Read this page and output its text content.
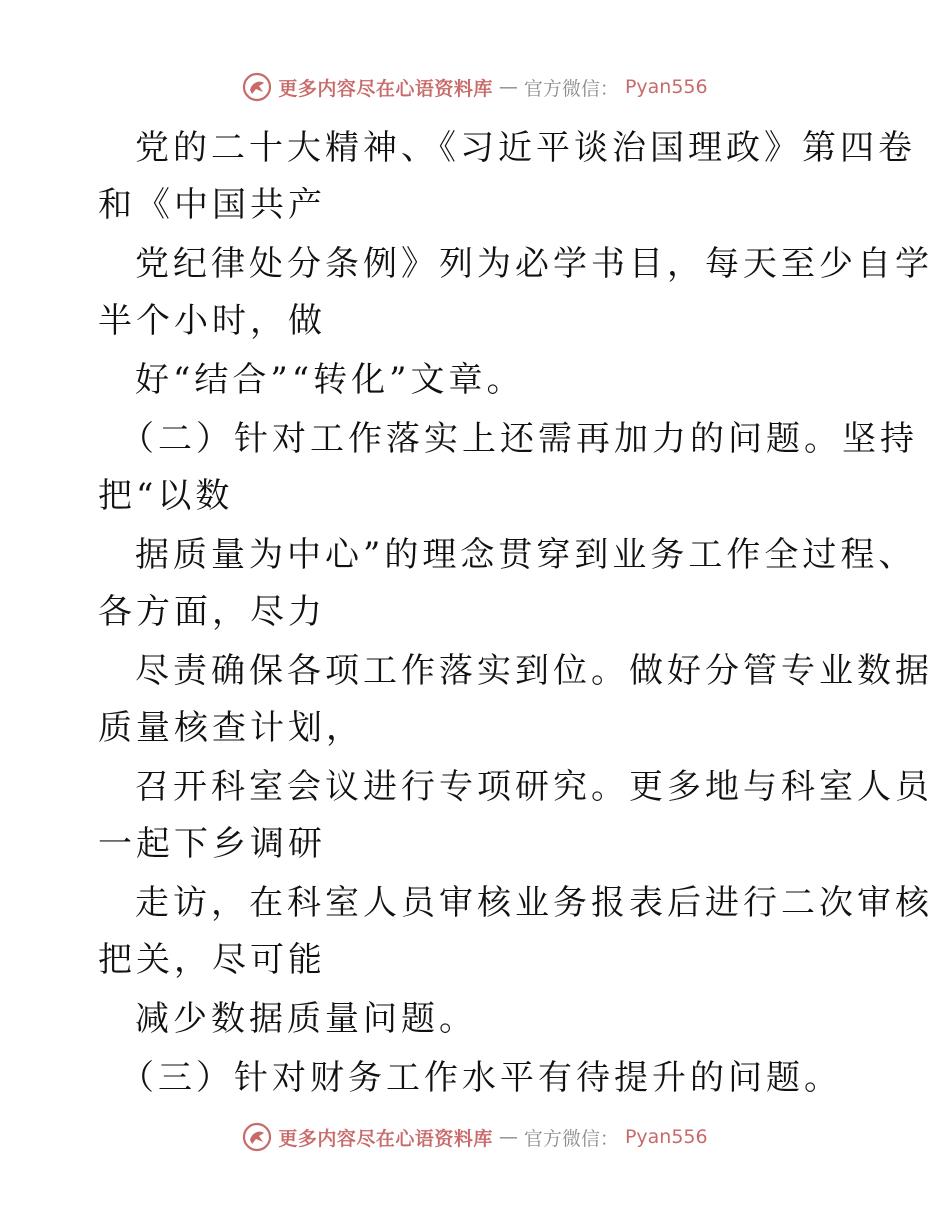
更多内容尽在心语资料库 — 官方微信： Pyan556
党的二十大精神、《习近平谈治国理政》第四卷
和《中国共产
党纪律处分条例》列为必学书目，每天至少自学
半个小时，做
好“结合”“转化”文章。
（二）针对工作落实上还需再加力的问题。坚持
把“以数
据质量为中心”的理念贯穿到业务工作全过程、
各方面，尽力
尽责确保各项工作落实到位。做好分管专业数据
质量核查计划，
召开科室会议进行专项研究。更多地与科室人员
一起下乡调研
走访，在科室人员审核业务报表后进行二次审核
把关，尽可能
减少数据质量问题。
（三）针对财务工作水平有待提升的问题。
更多内容尽在心语资料库 — 官方微信： Pyan556
